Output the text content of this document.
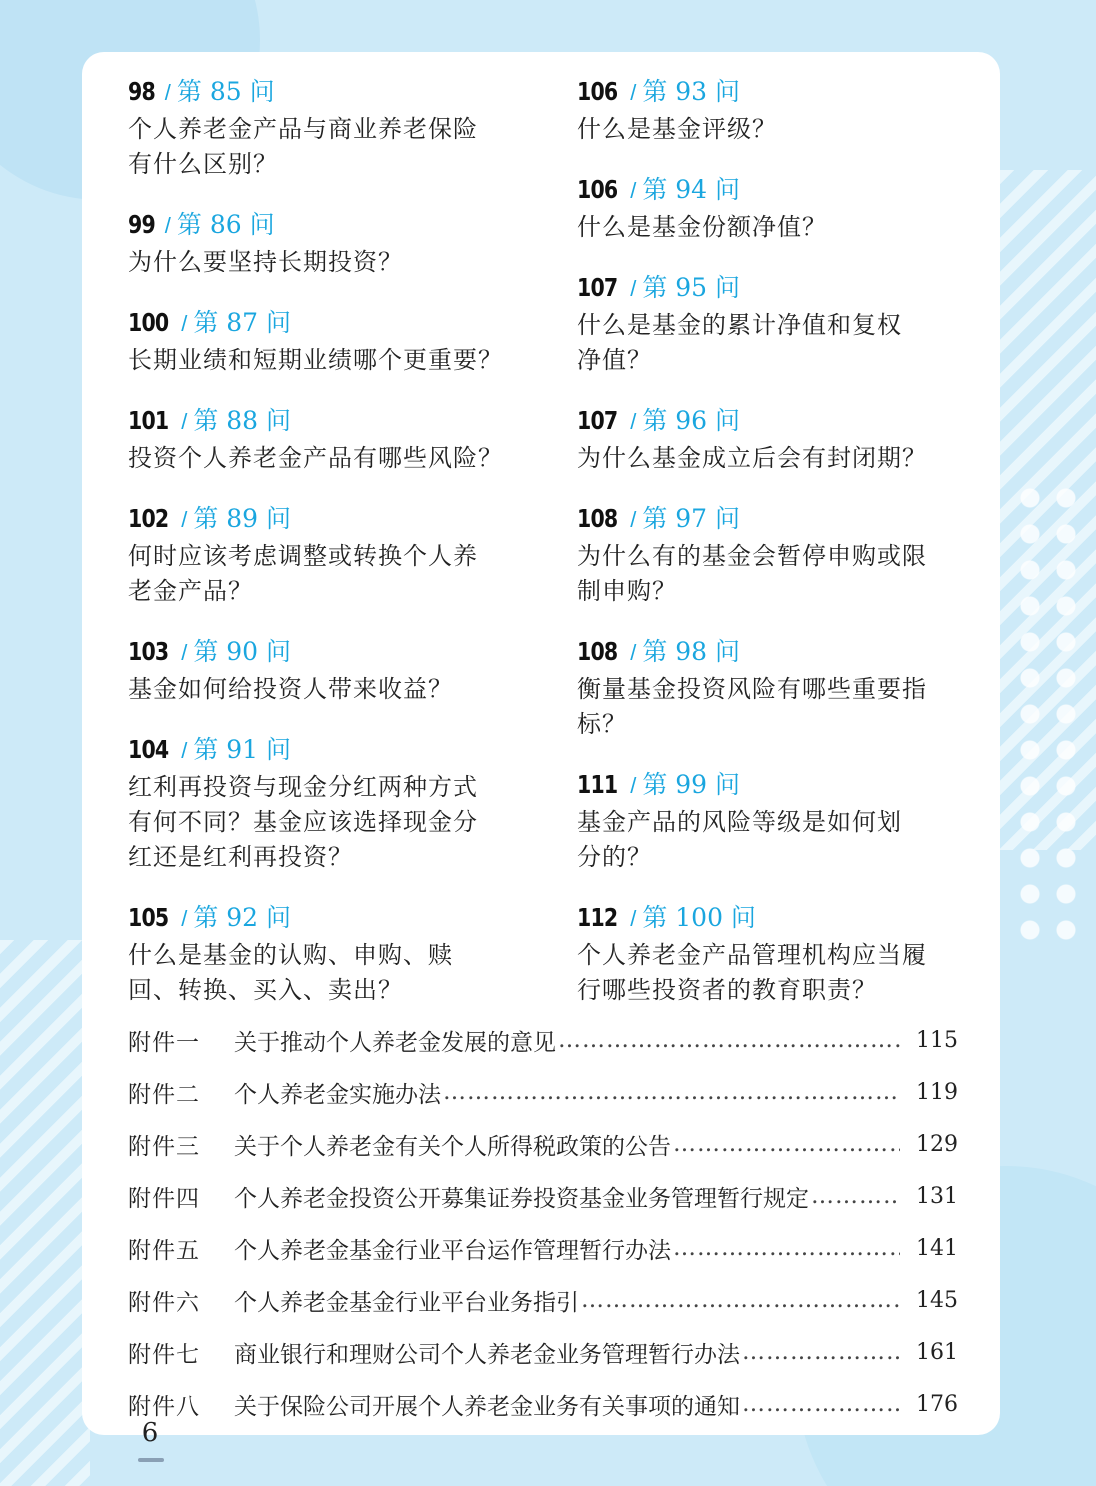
98 / 第 85 问
个人养老金产品与商业养老保险
有什么区别？
99 / 第 86 问
为什么要坚持长期投资？
100 / 第 87 问
长期业绩和短期业绩哪个更重要？
101 / 第 88 问
投资个人养老金产品有哪些风险？
102 / 第 89 问
何时应该考虑调整或转换个人养
老金产品？
103 / 第 90 问
基金如何给投资人带来收益？
104 / 第 91 问
红利再投资与现金分红两种方式
有何不同？基金应该选择现金分
红还是红利再投资？
105 / 第 92 问
什么是基金的认购、申购、赎
回、转换、买入、卖出？
106 / 第 93 问
什么是基金评级？
106 / 第 94 问
什么是基金份额净值？
107 / 第 95 问
什么是基金的累计净值和复权
净值？
107 / 第 96 问
为什么基金成立后会有封闭期？
108 / 第 97 问
为什么有的基金会暂停申购或限
制申购？
108 / 第 98 问
衡量基金投资风险有哪些重要指标？
111 / 第 99 问
基金产品的风险等级是如何划
分的？
112 / 第 100 问
个人养老金产品管理机构应当履
行哪些投资者的教育职责？
附件一	关于推动个人养老金发展的意见 …………………………………………………………………………………………	115
附件二	个人养老金实施办法 …………………………………………………………………………………………	119
附件三	关于个人养老金有关个人所得税政策的公告 …………………………………………………………………………………………	129
附件四	个人养老金投资公开募集证券投资基金业务管理暂行规定 …………………………………………………………………………………………	131
附件五	个人养老金基金行业平台运作管理暂行办法 …………………………………………………………………………………………	141
附件六	个人养老金基金行业平台业务指引 …………………………………………………………………………………………	145
附件七	商业银行和理财公司个人养老金业务管理暂行办法 …………………………………………………………………………………………	161
附件八	关于保险公司开展个人养老金业务有关事项的通知 …………………………………………………………………………………………	176
6
